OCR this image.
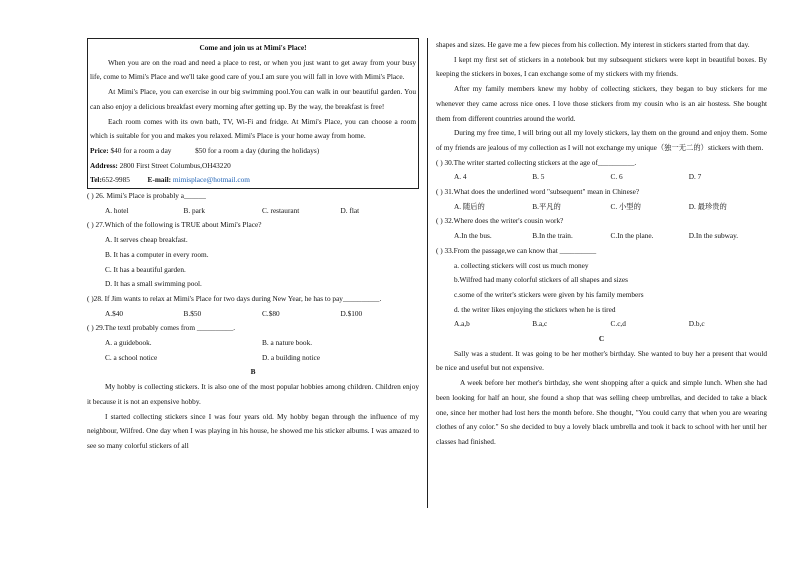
Come and join us at Mimi's Place!

When you are on the road and need a place to rest, or when you just want to get away from your busy life, come to Mimi's Place and we'll take good care of you.I am sure you will fall in love with Mimi's Place.

At Mimi's Place, you can exercise in our big swimming pool.You can walk in our beautiful garden. You can also enjoy a delicious breakfast every morning after getting up. By the way, the breakfast is free!

Each room comes with its own bath, TV, Wi-Fi and fridge. At Mimi's Place, you can choose a room which is suitable for you and makes you relaxed. Mimi's Place is your home away from home.

Price: $40 for a room a day	$50 for a room a day (during the holidays)

Address: 2800 First Street Columbus,OH43220

Tel:652-9985 E-mail: mimisplace@hotmail.com

( ) 26. Mimi's Place is probably a______

A. hotel	B. park	C. restaurant	D. flat

( ) 27.Which of the following is TRUE about Mimi's Place?

A. It serves cheap breakfast.
B. It has a computer in every room.
C. It has a beautiful garden.
D. It has a small swimming pool.

( )28. If Jim wants to relax at Mimi's Place for two days during New Year, he has to pay__________.

A.$40	B.$50	C.$80	D.$100

( ) 29.The textl probably comes from __________.

A. a guidebook.	B. a nature book.
C. a school notice	D. a building notice
B

My hobby is collecting stickers. It is also one of the most popular hobbies among children. Children enjoy it because it is not an expensive hobby.

I started collecting stickers since I was four years old. My hobby began through the influence of my neighbour, Wilfred. One day when I was playing in his house, he showed me his sticker albums. I was amazed to see so many colorful stickers of all

shapes and sizes. He gave me a few pieces from his collection. My interest in stickers started from that day.

I kept my first set of stickers in a notebook but my subsequent stickers were kept in beautiful boxes. By keeping the stickers in boxes, I can exchange some of my stickers with my friends.

After my family members knew my hobby of collecting stickers, they began to buy stickers for me whenever they came across nice ones. I love those stickers from my cousin who is an air hostess. She bought them from different countries around the world.

During my free time, I will bring out all my lovely stickers, lay them on the ground and enjoy them. Some of my friends are jealous of my collection as I will not exchange my unique（独一无二的）stickers with them.

( ) 30.The writer started collecting stickers at the age of__________.

A. 4	B. 5	C. 6	D. 7

( ) 31.What does the underlined word "subsequent" mean in Chinese?

A. 随后的	B.平凡的	C. 小型的	D. 最珍贵的

( ) 32.Where does the writer's cousin work?

A.In the bus.	B.In the train.	C.In the plane.	D.In the subway.

( ) 33.From the passage,we can know that __________

a. collecting stickers will cost us much money
b.Wilfred had many colorful stickers of all shapes and sizes
c.some of the writer's stickers were given by his family members
d. the writer likes enjoying the stickers when he is tired
A.a,b	B.a,c	C.c,d	D.b,c
C

Sally was a student. It was going to be her mother's birthday. She wanted to buy her a present that would be nice and useful but not expensive.

A week before her mother's birthday, she went shopping after a quick and simple lunch. When she had been looking for half an hour, she found a shop that was selling cheep umbrellas, and decided to take a black one, since her mother had lost hers the month before. She thought, "You could carry that when you are wearing clothes of any color." So she decided to buy a lovely black umbrella and took it back to school with her until her classes had finished.
